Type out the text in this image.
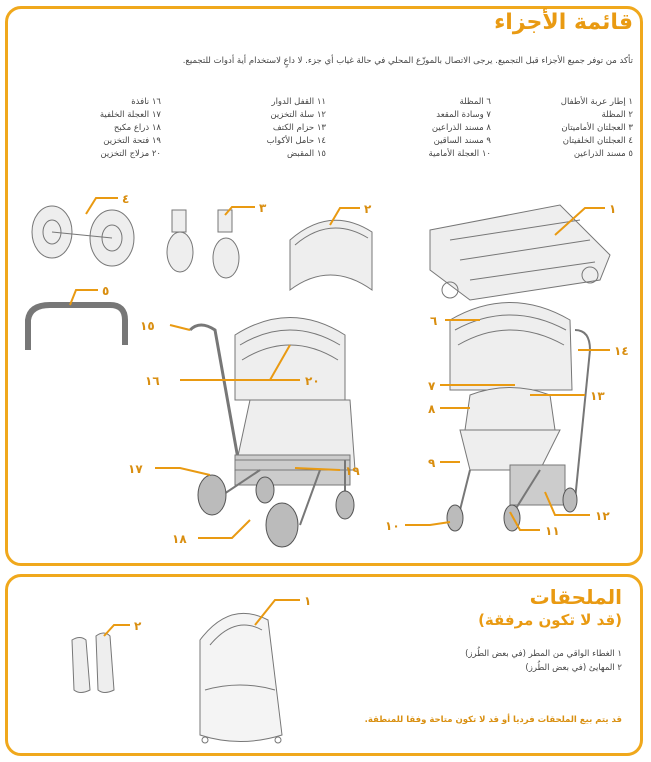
قائمة الأجزاء
تأكد من توفر جميع الأجزاء قبل التجميع. يرجى الاتصال بالموزّع المحلي في حالة غياب أي جزء. لا داعٍ لاستخدام أية أدوات للتجميع.
١ إطار عربة الأطفال
٢ المظلة
٣ العجلتان الأماميتان
٤ العجلتان الخلفيتان
٥ مسند الذراعين
٦ المظلة
٧ وسادة المقعد
٨ مسند الذراعين
٩ مسند الساقين
١٠ العجلة الأمامية
١١ القفل الدوار
١٢ سلة التخزين
١٣ حزام الكتف
١٤ حامل الأكواب
١٥ المقبض
١٦ نافذة
١٧ العجلة الخلفية
١٨ ذراع مكبح
١٩ فتحة التخزين
٢٠ مزلاج التخزين
٤
٣	٢	١
٥
١٥
١٦	٢٠
١٧
١٨
١٩
٦
٧
٨
٩
١٠	١١
١٢
١٣
١٤
الملحقات
(قد لا تكون مرفقة)
١ الغطاء الواقي من المطر (في بعض الطُرز)
٢ المهايئ (في بعض الطُرز)
قد يتم بيع الملحقات فرديا أو قد لا تكون متاحة وفقا للمنطقة.
١
٢
